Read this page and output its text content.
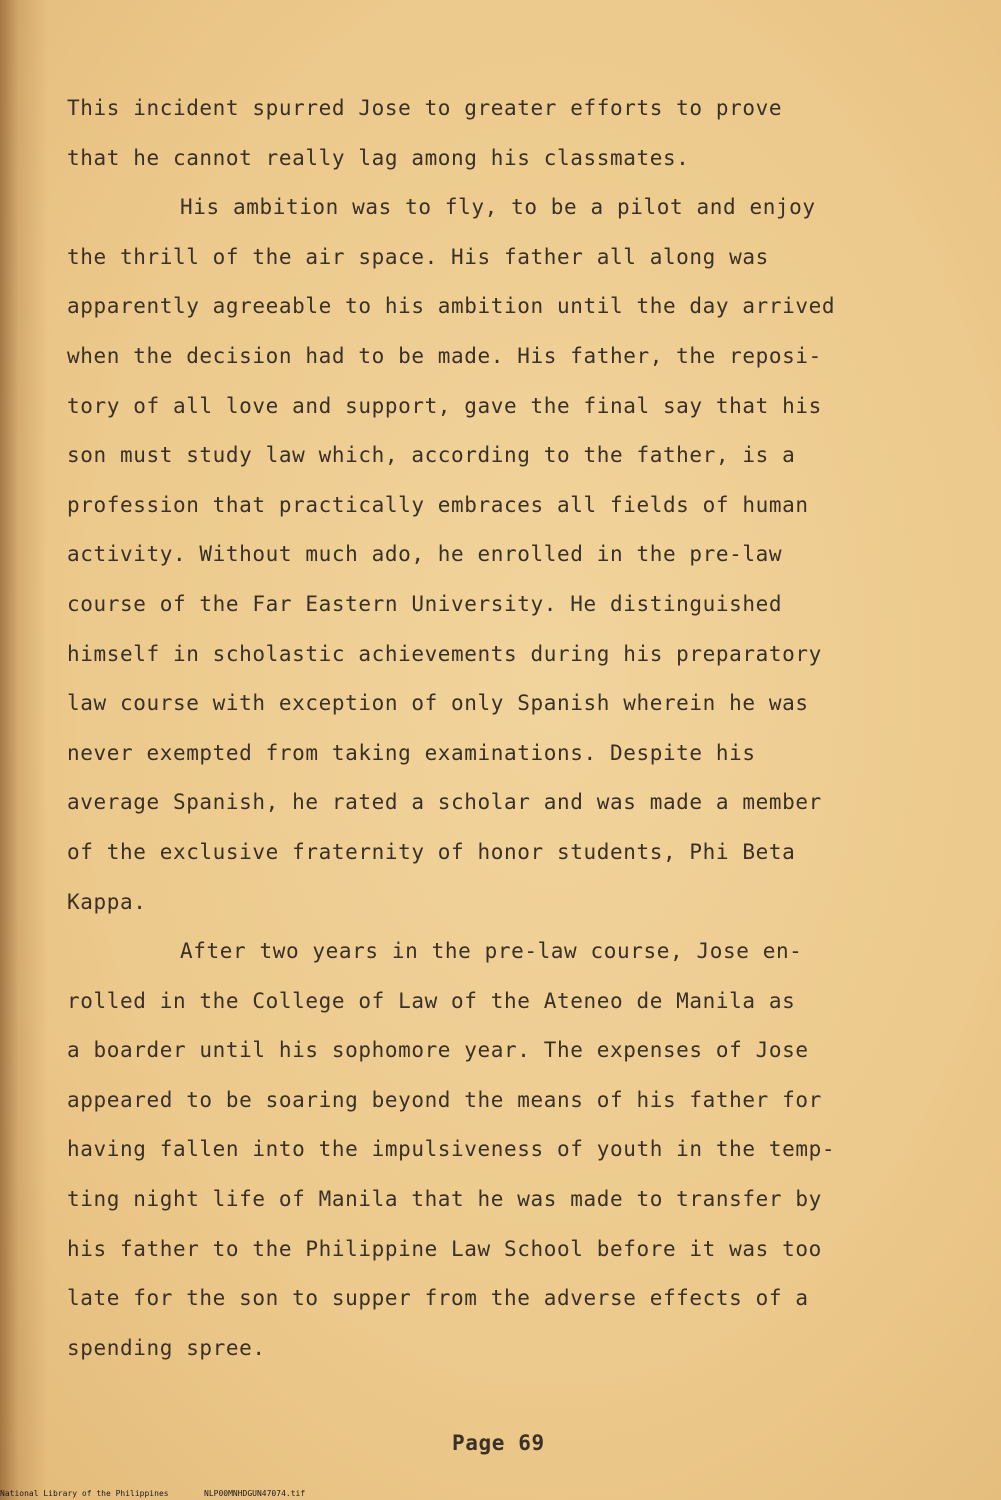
This incident spurred Jose to greater efforts to prove
that he cannot really lag among his classmates.
His ambition was to fly, to be a pilot and enjoy
the thrill of the air space. His father all along was
apparently agreeable to his ambition until the day arrived
when the decision had to be made. His father, the reposi-
tory of all love and support, gave the final say that his
son must study law which, according to the father, is a
profession that practically embraces all fields of human
activity. Without much ado, he enrolled in the pre-law
course of the Far Eastern University. He distinguished
himself in scholastic achievements during his preparatory
law course with exception of only Spanish wherein he was
never exempted from taking examinations. Despite his
average Spanish, he rated a scholar and was made a member
of the exclusive fraternity of honor students, Phi Beta
Kappa.
After two years in the pre-law course, Jose en-
rolled in the College of Law of the Ateneo de Manila as
a boarder until his sophomore year. The expenses of Jose
appeared to be soaring beyond the means of his father for
having fallen into the impulsiveness of youth in the temp-
ting night life of Manila that he was made to transfer by
his father to the Philippine Law School before it was too
late for the son to supper from the adverse effects of a
spending spree.
Page 69
National Library of the Philippines	NLP00MNHDGUN47074.tif
